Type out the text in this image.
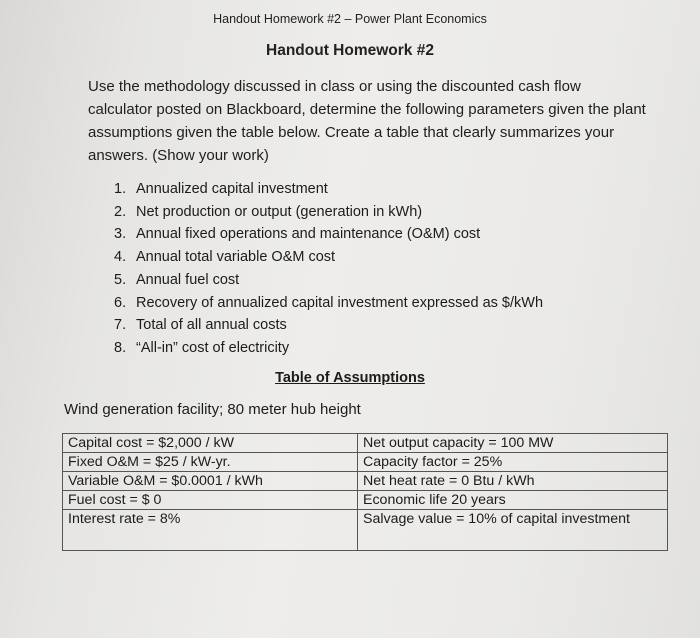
Handout Homework #2 – Power Plant Economics
Handout Homework #2
Use the methodology discussed in class or using the discounted cash flow calculator posted on Blackboard, determine the following parameters given the plant assumptions given the table below. Create a table that clearly summarizes your answers. (Show your work)
1. Annualized capital investment
2. Net production or output (generation in kWh)
3. Annual fixed operations and maintenance (O&M) cost
4. Annual total variable O&M cost
5. Annual fuel cost
6. Recovery of annualized capital investment expressed as $/kWh
7. Total of all annual costs
8. “All-in” cost of electricity
Table of Assumptions
Wind generation facility; 80 meter hub height
Capital cost = $2,000 / kW	Net output capacity = 100 MW
Fixed O&M = $25 / kW-yr.	Capacity factor = 25%
Variable O&M = $0.0001 / kWh	Net heat rate = 0 Btu / kWh
Fuel cost = $ 0	Economic life 20 years
Interest rate = 8%	Salvage value = 10% of capital investment
